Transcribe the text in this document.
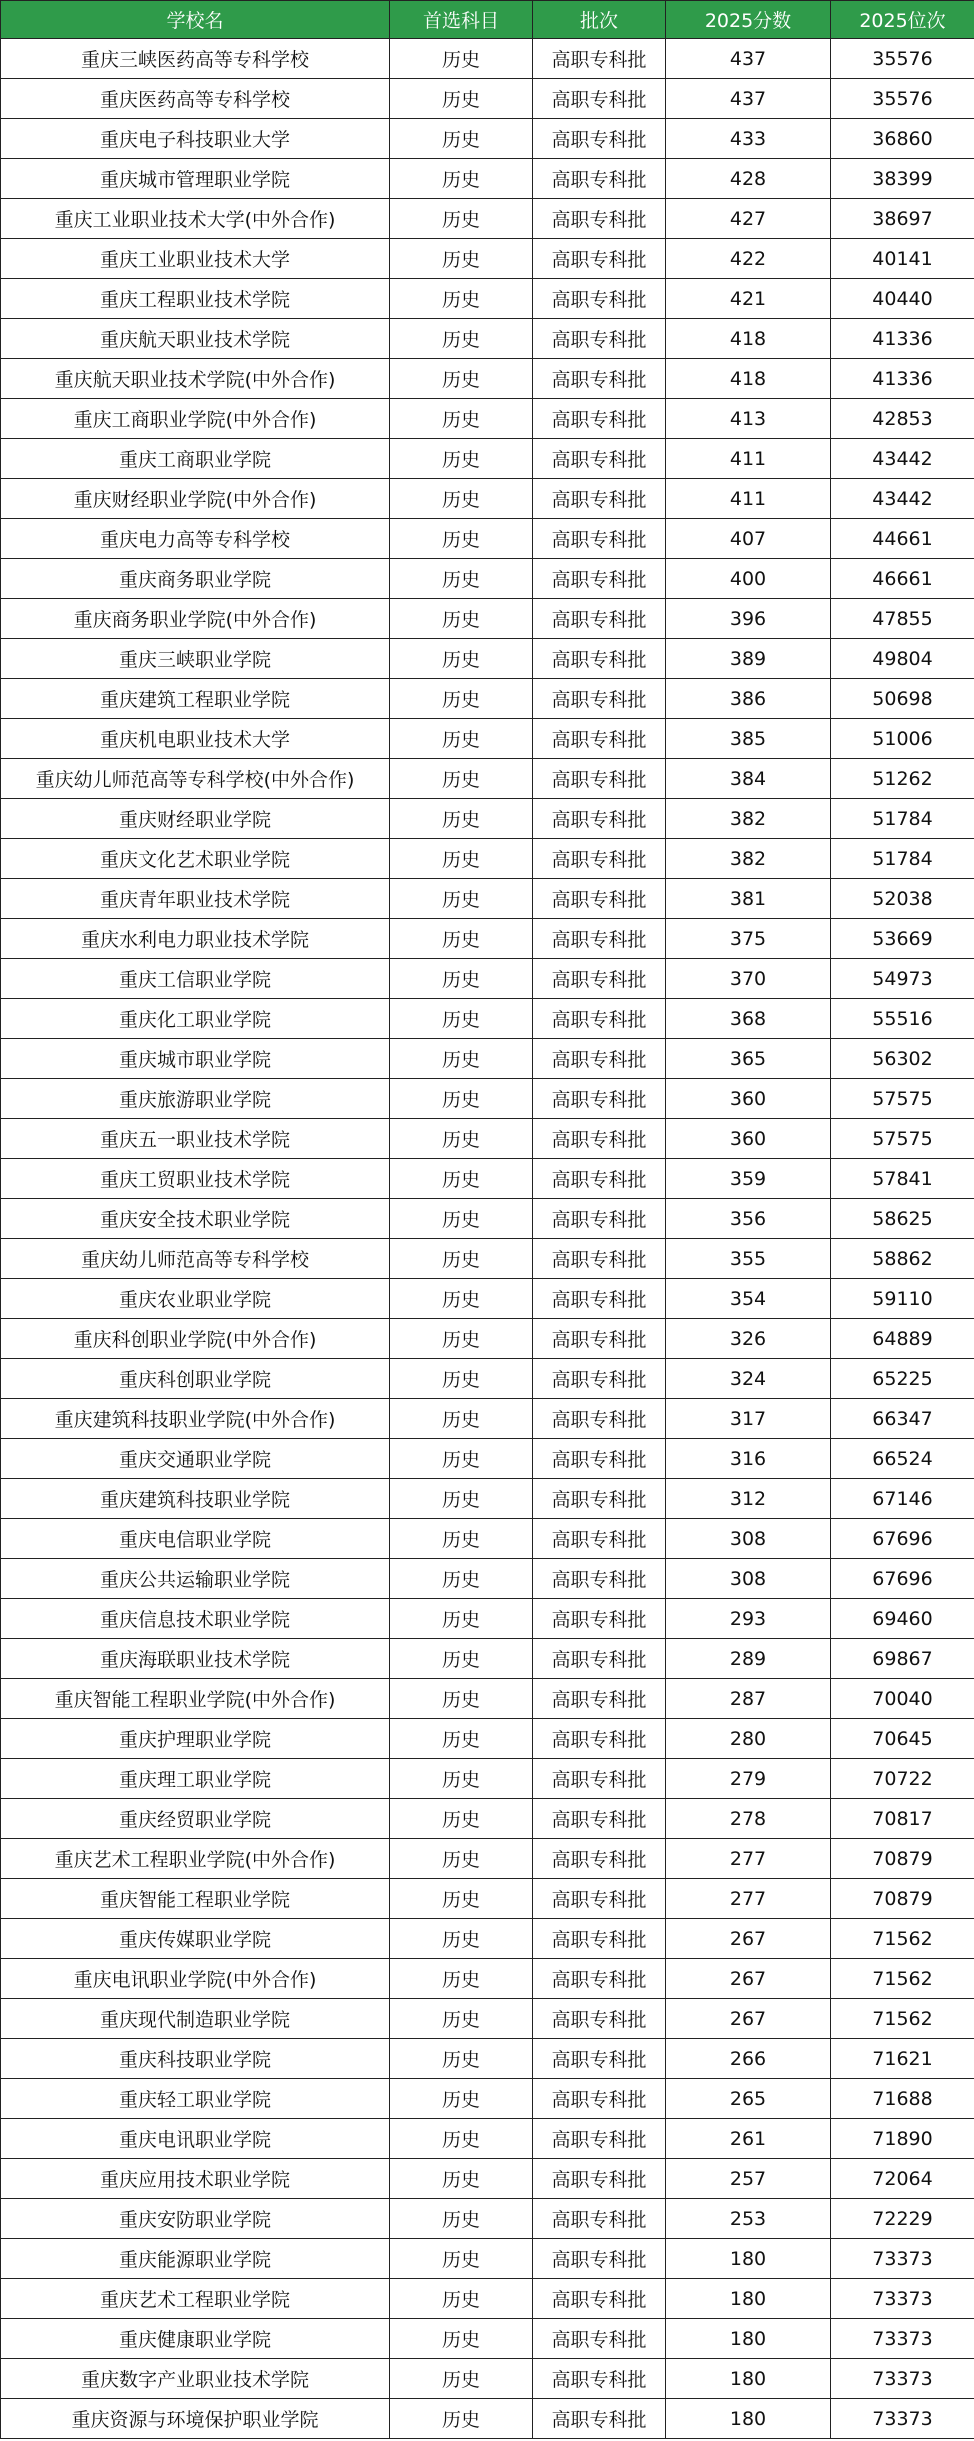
学校名	首选科目	批次	2025分数	2025位次
重庆三峡医药高等专科学校	历史	高职专科批	437	35576
重庆医药高等专科学校	历史	高职专科批	437	35576
重庆电子科技职业大学	历史	高职专科批	433	36860
重庆城市管理职业学院	历史	高职专科批	428	38399
重庆工业职业技术大学(中外合作)	历史	高职专科批	427	38697
重庆工业职业技术大学	历史	高职专科批	422	40141
重庆工程职业技术学院	历史	高职专科批	421	40440
重庆航天职业技术学院	历史	高职专科批	418	41336
重庆航天职业技术学院(中外合作)	历史	高职专科批	418	41336
重庆工商职业学院(中外合作)	历史	高职专科批	413	42853
重庆工商职业学院	历史	高职专科批	411	43442
重庆财经职业学院(中外合作)	历史	高职专科批	411	43442
重庆电力高等专科学校	历史	高职专科批	407	44661
重庆商务职业学院	历史	高职专科批	400	46661
重庆商务职业学院(中外合作)	历史	高职专科批	396	47855
重庆三峡职业学院	历史	高职专科批	389	49804
重庆建筑工程职业学院	历史	高职专科批	386	50698
重庆机电职业技术大学	历史	高职专科批	385	51006
重庆幼儿师范高等专科学校(中外合作)	历史	高职专科批	384	51262
重庆财经职业学院	历史	高职专科批	382	51784
重庆文化艺术职业学院	历史	高职专科批	382	51784
重庆青年职业技术学院	历史	高职专科批	381	52038
重庆水利电力职业技术学院	历史	高职专科批	375	53669
重庆工信职业学院	历史	高职专科批	370	54973
重庆化工职业学院	历史	高职专科批	368	55516
重庆城市职业学院	历史	高职专科批	365	56302
重庆旅游职业学院	历史	高职专科批	360	57575
重庆五一职业技术学院	历史	高职专科批	360	57575
重庆工贸职业技术学院	历史	高职专科批	359	57841
重庆安全技术职业学院	历史	高职专科批	356	58625
重庆幼儿师范高等专科学校	历史	高职专科批	355	58862
重庆农业职业学院	历史	高职专科批	354	59110
重庆科创职业学院(中外合作)	历史	高职专科批	326	64889
重庆科创职业学院	历史	高职专科批	324	65225
重庆建筑科技职业学院(中外合作)	历史	高职专科批	317	66347
重庆交通职业学院	历史	高职专科批	316	66524
重庆建筑科技职业学院	历史	高职专科批	312	67146
重庆电信职业学院	历史	高职专科批	308	67696
重庆公共运输职业学院	历史	高职专科批	308	67696
重庆信息技术职业学院	历史	高职专科批	293	69460
重庆海联职业技术学院	历史	高职专科批	289	69867
重庆智能工程职业学院(中外合作)	历史	高职专科批	287	70040
重庆护理职业学院	历史	高职专科批	280	70645
重庆理工职业学院	历史	高职专科批	279	70722
重庆经贸职业学院	历史	高职专科批	278	70817
重庆艺术工程职业学院(中外合作)	历史	高职专科批	277	70879
重庆智能工程职业学院	历史	高职专科批	277	70879
重庆传媒职业学院	历史	高职专科批	267	71562
重庆电讯职业学院(中外合作)	历史	高职专科批	267	71562
重庆现代制造职业学院	历史	高职专科批	267	71562
重庆科技职业学院	历史	高职专科批	266	71621
重庆轻工职业学院	历史	高职专科批	265	71688
重庆电讯职业学院	历史	高职专科批	261	71890
重庆应用技术职业学院	历史	高职专科批	257	72064
重庆安防职业学院	历史	高职专科批	253	72229
重庆能源职业学院	历史	高职专科批	180	73373
重庆艺术工程职业学院	历史	高职专科批	180	73373
重庆健康职业学院	历史	高职专科批	180	73373
重庆数字产业职业技术学院	历史	高职专科批	180	73373
重庆资源与环境保护职业学院	历史	高职专科批	180	73373
